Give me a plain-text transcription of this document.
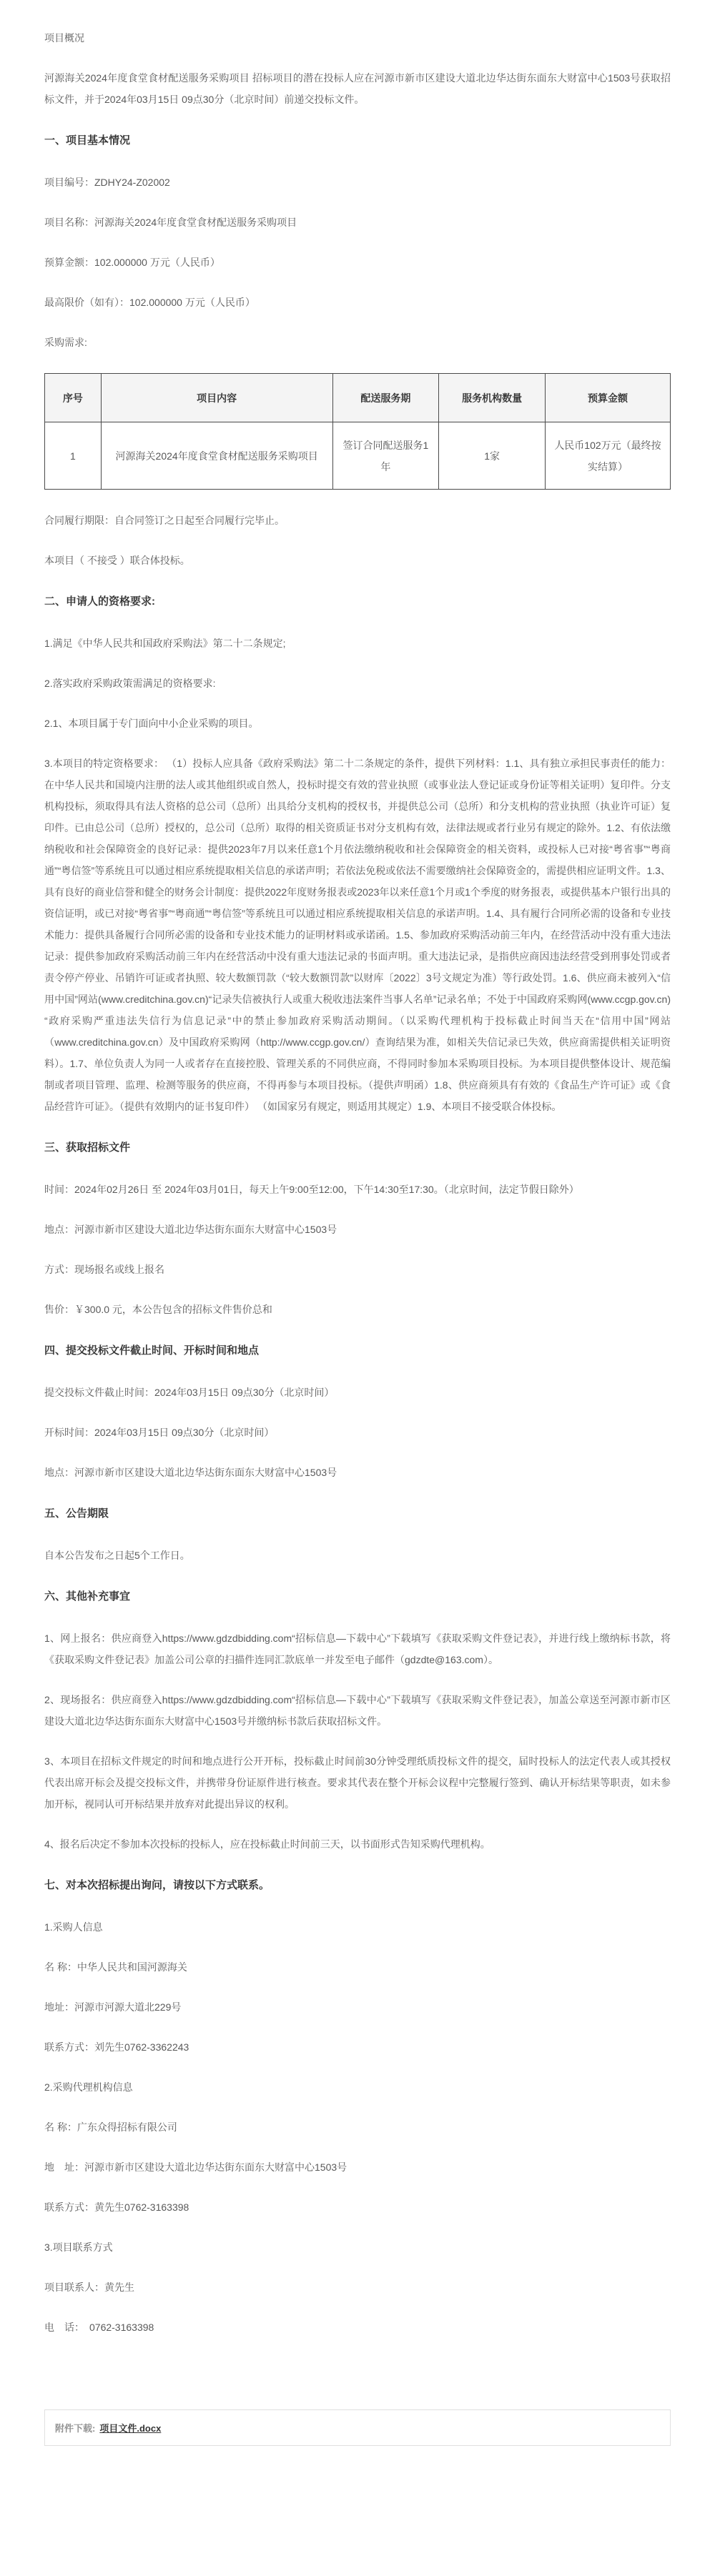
项目概况

河源海关2024年度食堂食材配送服务采购项目 招标项目的潜在投标人应在河源市新市区建设大道北边华达街东面东大财富中心1503号获取招标文件，并于2024年03月15日 09点30分（北京时间）前递交投标文件。

一、项目基本情况

项目编号：ZDHY24-Z02002

项目名称：河源海关2024年度食堂食材配送服务采购项目

预算金额：102.000000 万元（人民币）

最高限价（如有）：102.000000 万元（人民币）

采购需求:

序号	项目内容	配送服务期	服务机构数量	预算金额
1	河源海关2024年度食堂食材配送服务采购项目	签订合同配送服务1年	1家	人民币102万元（最终按实结算）

合同履行期限：自合同签订之日起至合同履行完毕止。

本项目（ 不接受 ）联合体投标。

二、申请人的资格要求:

1.满足《中华人民共和国政府采购法》第二十二条规定;

2.落实政府采购政策需满足的资格要求:

2.1、本项目属于专门面向中小企业采购的项目。

3.本项目的特定资格要求： （1）投标人应具备《政府采购法》第二十二条规定的条件，提供下列材料：1.1、具有独立承担民事责任的能力：在中华人民共和国境内注册的法人或其他组织或自然人，投标时提交有效的营业执照（或事业法人登记证或身份证等相关证明）复印件。分支机构投标，须取得具有法人资格的总公司（总所）出具给分支机构的授权书，并提供总公司（总所）和分支机构的营业执照（执业许可证）复印件。已由总公司（总所）授权的，总公司（总所）取得的相关资质证书对分支机构有效，法律法规或者行业另有规定的除外。1.2、有依法缴纳税收和社会保障资金的良好记录：提供2023年7月以来任意1个月依法缴纳税收和社会保障资金的相关资料，或投标人已对接“粤省事”“粤商通”“粤信签”等系统且可以通过相应系统提取相关信息的承诺声明；若依法免税或依法不需要缴纳社会保障资金的，需提供相应证明文件。1.3、具有良好的商业信誉和健全的财务会计制度：提供2022年度财务报表或2023年以来任意1个月或1个季度的财务报表，或提供基本户银行出具的资信证明，或已对接“粤省事”“粤商通”“粤信签”等系统且可以通过相应系统提取相关信息的承诺声明。1.4、具有履行合同所必需的设备和专业技术能力：提供具备履行合同所必需的设备和专业技术能力的证明材料或承诺函。1.5、参加政府采购活动前三年内，在经营活动中没有重大违法记录：提供参加政府采购活动前三年内在经营活动中没有重大违法记录的书面声明。重大违法记录，是指供应商因违法经营受到刑事处罚或者责令停产停业、吊销许可证或者执照、较大数额罚款（“较大数额罚款”以财库〔2022〕3号文规定为准）等行政处罚。1.6、供应商未被列入“信用中国”网站(www.creditchina.gov.cn)“记录失信被执行人或重大税收违法案件当事人名单”记录名单；不处于中国政府采购网(www.ccgp.gov.cn)“政府采购严重违法失信行为信息记录”中的禁止参加政府采购活动期间。（以采购代理机构于投标截止时间当天在“信用中国”网站（www.creditchina.gov.cn）及中国政府采购网（http://www.ccgp.gov.cn/）查询结果为准，如相关失信记录已失效，供应商需提供相关证明资料）。1.7、单位负责人为同一人或者存在直接控股、管理关系的不同供应商，不得同时参加本采购项目投标。为本项目提供整体设计、规范编制或者项目管理、监理、检测等服务的供应商，不得再参与本项目投标。（提供声明函）1.8、供应商须具有有效的《食品生产许可证》或《食品经营许可证》。（提供有效期内的证书复印件） （如国家另有规定，则适用其规定）1.9、本项目不接受联合体投标。

三、获取招标文件

时间：2024年02月26日 至 2024年03月01日，每天上午9:00至12:00，下午14:30至17:30。（北京时间，法定节假日除外）

地点：河源市新市区建设大道北边华达街东面东大财富中心1503号

方式：现场报名或线上报名

售价：￥300.0 元，本公告包含的招标文件售价总和

四、提交投标文件截止时间、开标时间和地点

提交投标文件截止时间：2024年03月15日 09点30分（北京时间）

开标时间：2024年03月15日 09点30分（北京时间）

地点：河源市新市区建设大道北边华达街东面东大财富中心1503号

五、公告期限

自本公告发布之日起5个工作日。

六、其他补充事宜

1、网上报名：供应商登入https://www.gdzdbidding.com“招标信息—下载中心”下载填写《获取采购文件登记表》，并进行线上缴纳标书款，将《获取采购文件登记表》加盖公司公章的扫描件连同汇款底单一并发至电子邮件（gdzdte@163.com）。

2、现场报名：供应商登入https://www.gdzdbidding.com“招标信息—下载中心”下载填写《获取采购文件登记表》，加盖公章送至河源市新市区建设大道北边华达街东面东大财富中心1503号并缴纳标书款后获取招标文件。

3、本项目在招标文件规定的时间和地点进行公开开标，投标截止时间前30分钟受理纸质投标文件的提交，届时投标人的法定代表人或其授权代表出席开标会及提交投标文件，并携带身份证原件进行核查。要求其代表在整个开标会议程中完整履行签到、确认开标结果等职责，如未参加开标，视同认可开标结果并放弃对此提出异议的权利。

4、报名后决定不参加本次投标的投标人，应在投标截止时间前三天，以书面形式告知采购代理机构。

七、对本次招标提出询问，请按以下方式联系。

1.采购人信息

名 称：中华人民共和国河源海关

地址：河源市河源大道北229号

联系方式：刘先生0762-3362243

2.采购代理机构信息

名 称：广东众得招标有限公司

地　址：河源市新市区建设大道北边华达街东面东大财富中心1503号

联系方式：黄先生0762-3163398

3.项目联系方式

项目联系人：黄先生

电　话：　0762-3163398

附件下载: 项目文件.docx
